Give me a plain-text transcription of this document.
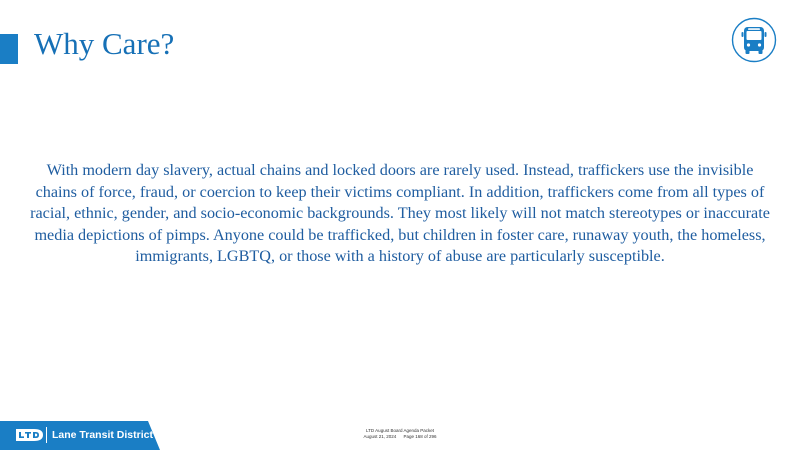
Why Care?

With modern day slavery, actual chains and locked doors are rarely used. Instead, traffickers use the invisible chains of force, fraud, or coercion to keep their victims compliant. In addition, traffickers come from all types of racial, ethnic, gender, and socio-economic backgrounds. They most likely will not match stereotypes or inaccurate media depictions of pimps. Anyone could be trafficked, but children in foster care, runaway youth, the homeless, immigrants, LGBTQ, or those with a history of abuse are particularly susceptible.

Lane Transit District	LTD August Board Agenda Packet
August 21, 2024 Page 168 of 296
